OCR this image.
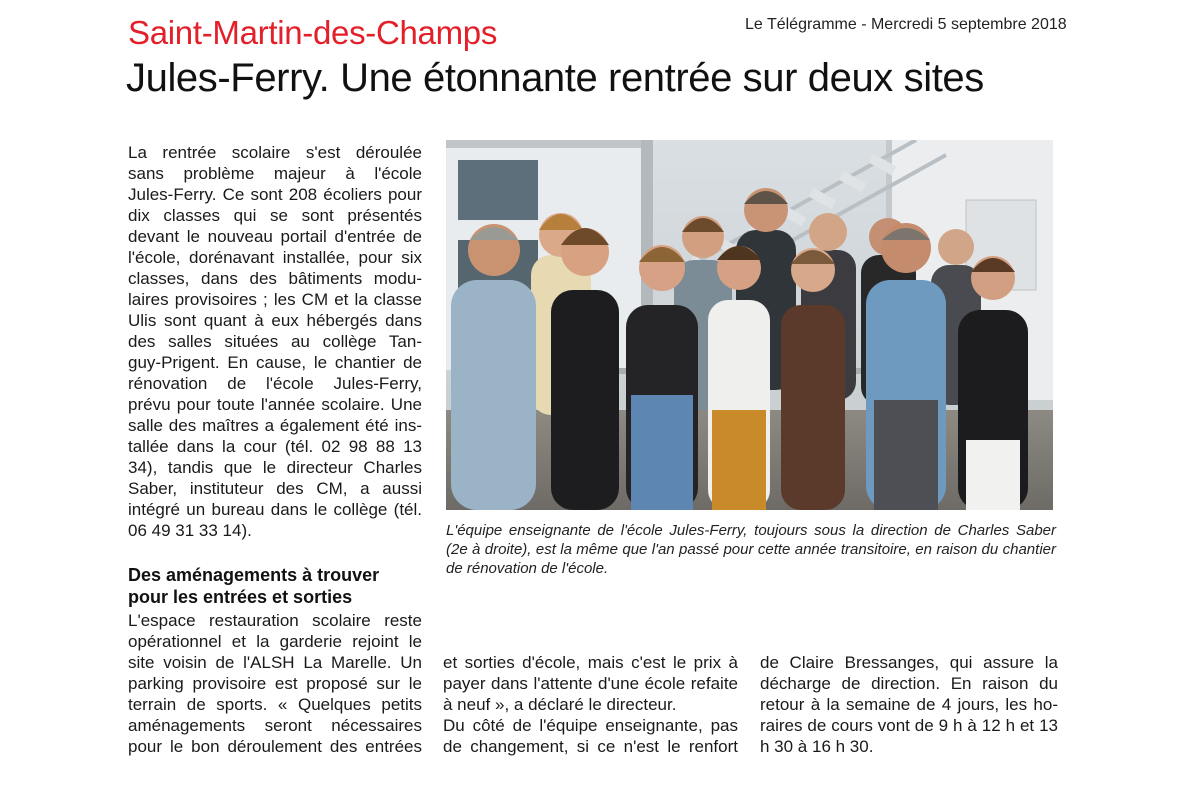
Saint-Martin-des-Champs	Le Télégramme - Mercredi 5 septembre 2018
Jules-Ferry. Une étonnante rentrée sur deux sites
La rentrée scolaire s'est déroulée
sans problème majeur à l'école
Jules-Ferry. Ce sont 208 écoliers pour
dix classes qui se sont présentés
devant le nouveau portail d'entrée de
l'école, dorénavant installée, pour six
classes, dans des bâtiments modu-
laires provisoires ; les CM et la classe
Ulis sont quant à eux hébergés dans
des salles situées au collège Tan-
guy-Prigent. En cause, le chantier de
rénovation de l'école Jules-Ferry,
prévu pour toute l'année scolaire. Une
salle des maîtres a également été ins-
tallée dans la cour (tél. 02 98 88 13
34), tandis que le directeur Charles
Saber, instituteur des CM, a aussi
intégré un bureau dans le collège (tél.
06 49 31 33 14).
Des aménagements à trouver
pour les entrées et sorties
L'espace restauration scolaire reste
opérationnel et la garderie rejoint le
site voisin de l'ALSH La Marelle. Un
parking provisoire est proposé sur le
terrain de sports. « Quelques petits
aménagements seront nécessaires
pour le bon déroulement des entrées
et sorties d'école, mais c'est le prix à
payer dans l'attente d'une école refaite
à neuf », a déclaré le directeur.
Du côté de l'équipe enseignante, pas
de changement, si ce n'est le renfort
de Claire Bressanges, qui assure la
décharge de direction. En raison du
retour à la semaine de 4 jours, les ho-
raires de cours vont de 9 h à 12 h et 13
h 30 à 16 h 30.
L'équipe enseignante de l'école Jules-Ferry, toujours sous la direction de Charles Saber
(2e à droite), est la même que l'an passé pour cette année transitoire, en raison du chantier
de rénovation de l'école.
